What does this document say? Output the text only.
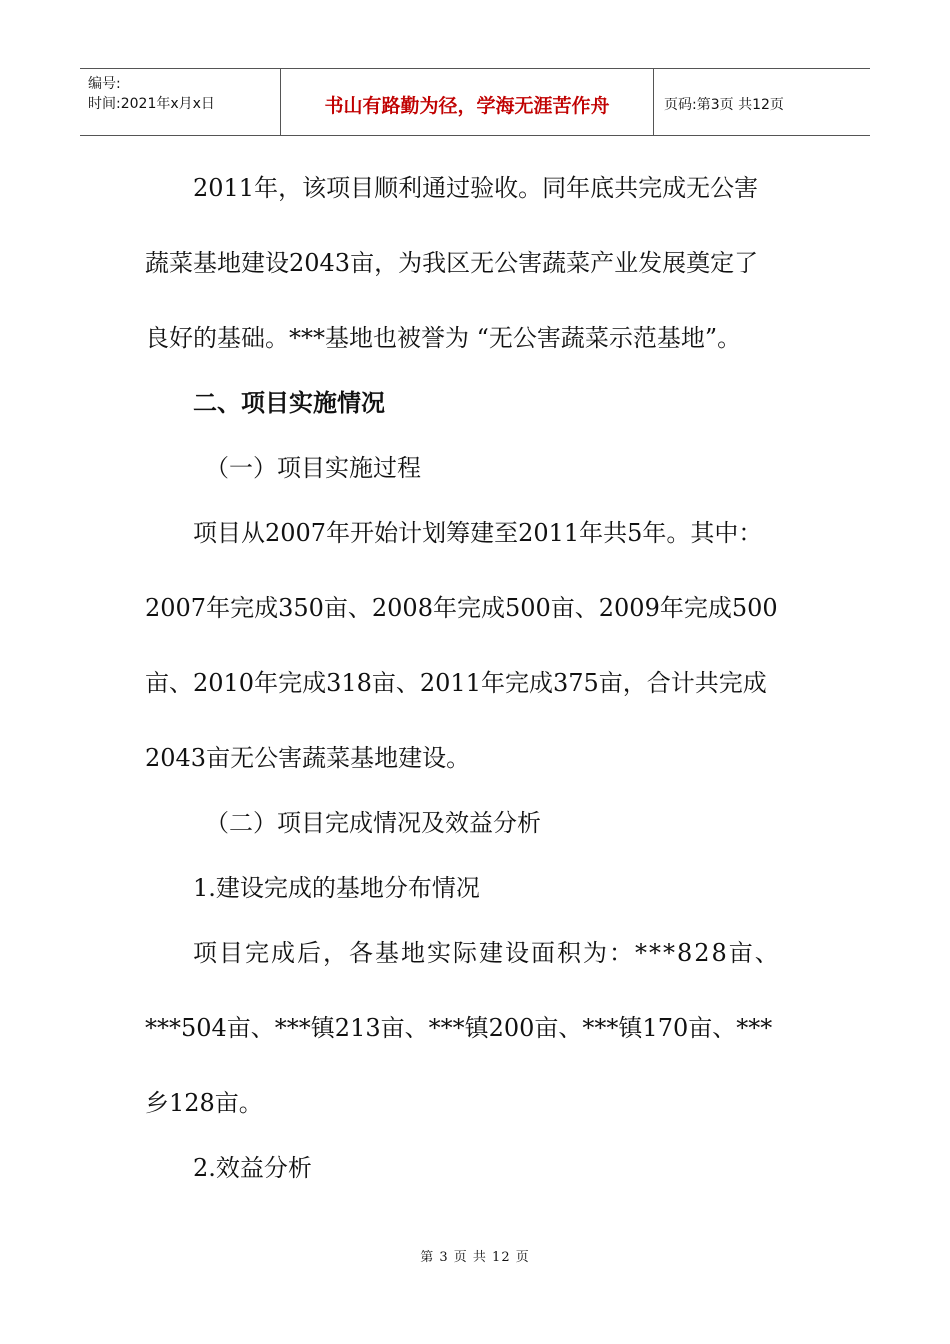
编号:
时间:2021年x月x日	书山有路勤为径，学海无涯苦作舟	页码:第3页 共12页

2011年，该项目顺利通过验收。同年底共完成无公害

蔬菜基地建设2043亩，为我区无公害蔬菜产业发展奠定了

良好的基础。***基地也被誉为 “无公害蔬菜示范基地”。

二、项目实施情况

（一）项目实施过程

项目从2007年开始计划筹建至2011年共5年。其中：

2007年完成350亩、2008年完成500亩、2009年完成500

亩、2010年完成318亩、2011年完成375亩，合计共完成

2043亩无公害蔬菜基地建设。

（二）项目完成情况及效益分析

1.建设完成的基地分布情况

项目完成后，各基地实际建设面积为：***828亩、

***504亩、***镇213亩、***镇200亩、***镇170亩、***

乡128亩。

2.效益分析

第 3 页 共 12 页
